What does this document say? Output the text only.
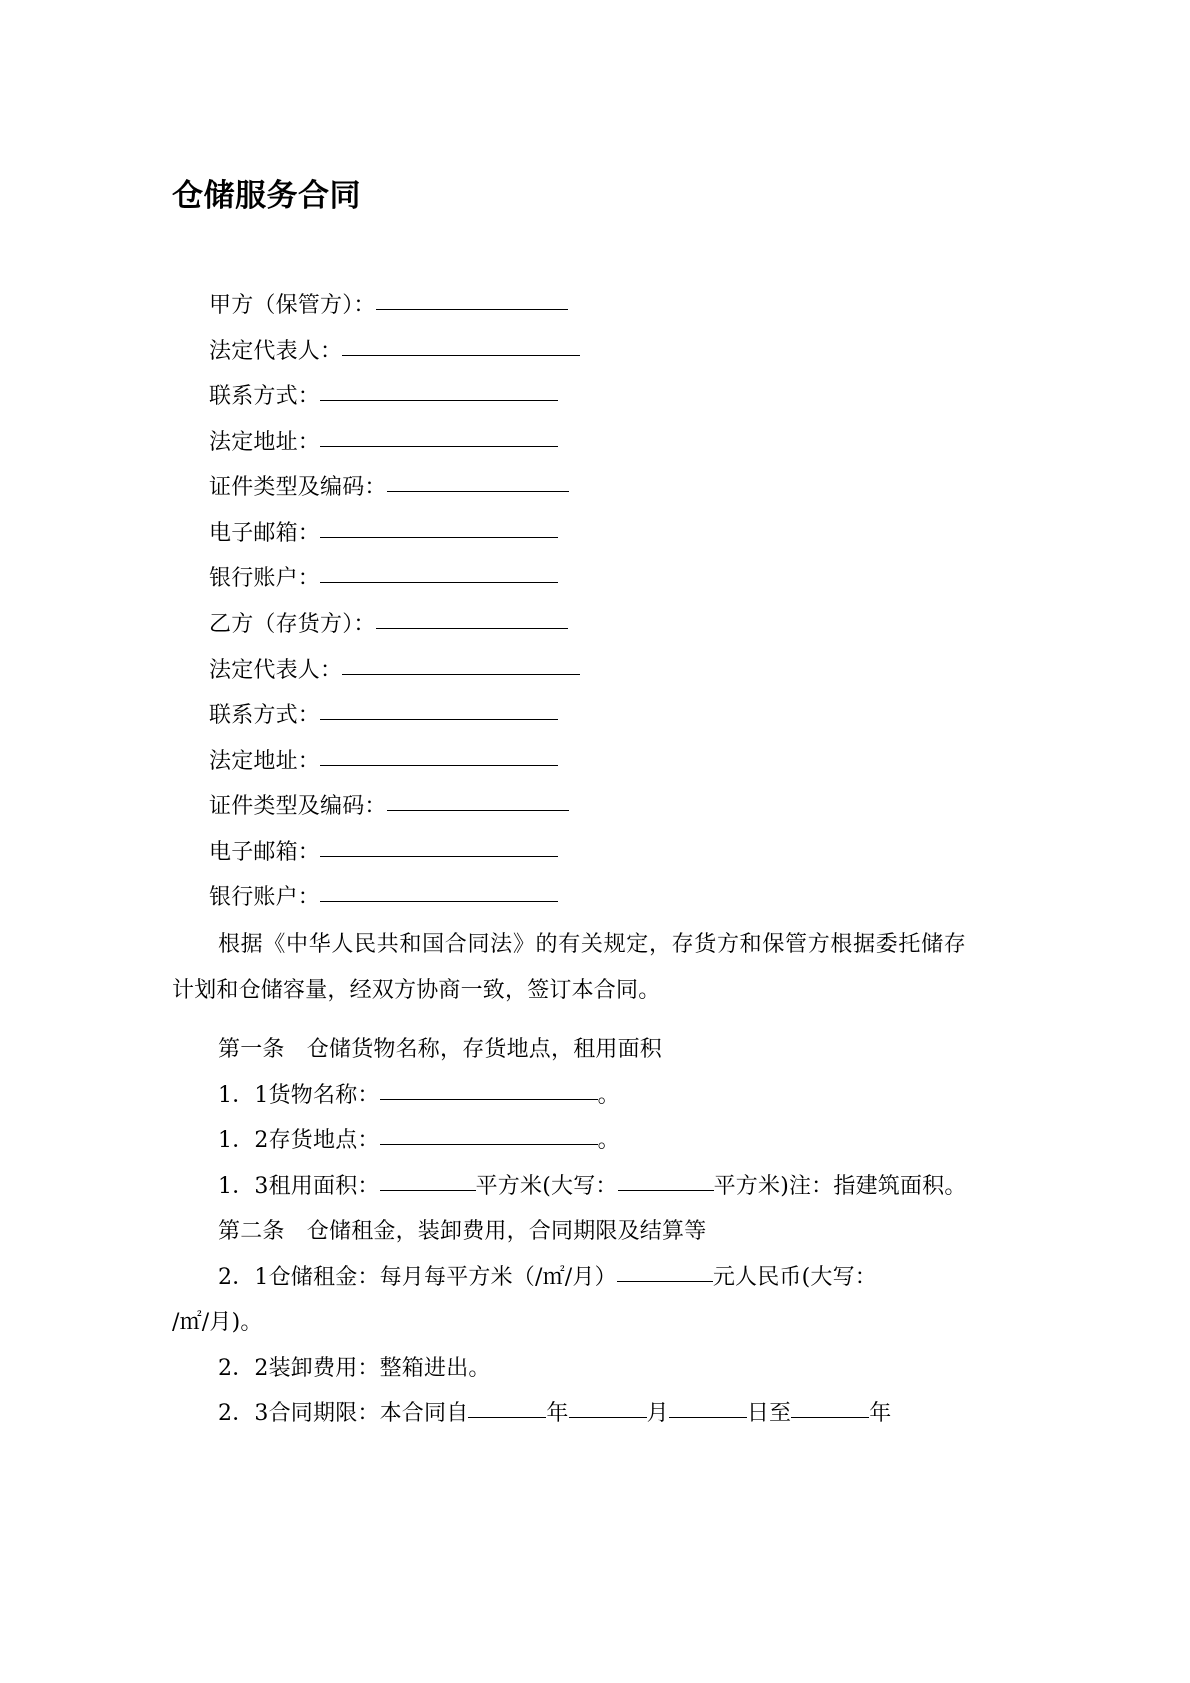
仓储服务合同
甲方（保管方）：
法定代表人：
联系方式：
法定地址：
证件类型及编码：
电子邮箱：
银行账户：
乙方（存货方）：
法定代表人：
联系方式：
法定地址：
证件类型及编码：
电子邮箱：
银行账户：

根据《中华人民共和国合同法》的有关规定，存货方和保管方根据委托储存计划和仓储容量，经双方协商一致，签订本合同。

第一条　仓储货物名称，存货地点，租用面积
1．1货物名称：	。
1．2存货地点：	。
1．3租用面积：	平方米(大写：	平方米)注：指建筑面积。
第二条　仓储租金，装卸费用，合同期限及结算等
2．1仓储租金：每月每平方米（/㎡/月）	元人民币(大写：
/㎡/月)。
2．2装卸费用：整箱进出。
2．3合同期限：本合同自	年	月	日至	年
